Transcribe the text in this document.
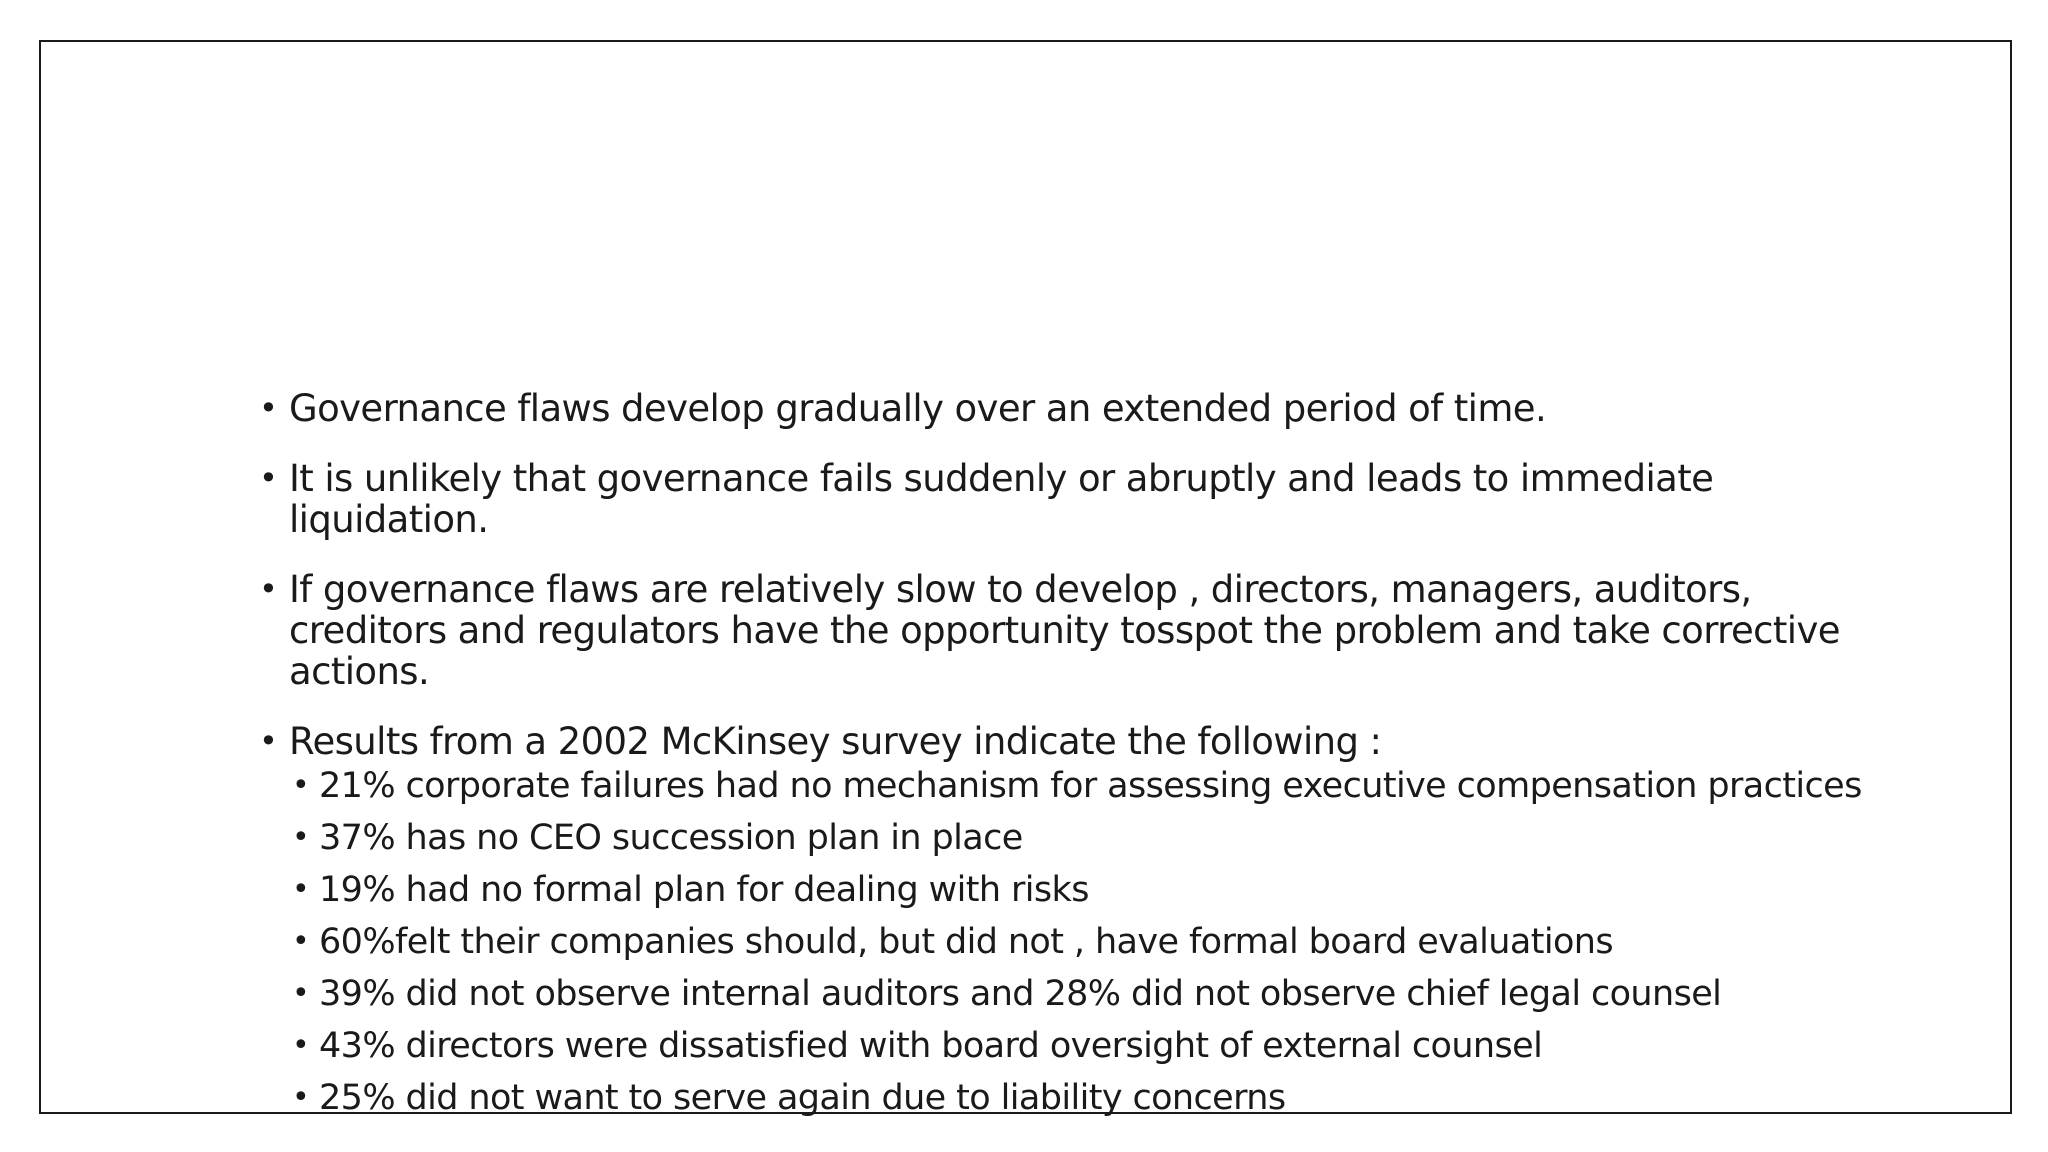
• Governance flaws develop gradually over an extended period of time.
• It is unlikely that governance fails suddenly or abruptly and leads to immediate liquidation.
• If governance flaws are relatively slow to develop , directors, managers, auditors, creditors and regulators have the opportunity tosspot the problem and take corrective actions.
• Results from a 2002 McKinsey survey indicate the following :
• 21% corporate failures had no mechanism for assessing executive compensation practices
• 37% has no CEO succession plan in place
• 19% had no formal plan for dealing with risks
• 60%felt their companies should, but did not , have formal board evaluations
• 39% did not observe internal auditors and 28% did not observe chief legal counsel
• 43% directors were dissatisfied with board oversight of external counsel
• 25% did not want to serve again due to liability concerns
